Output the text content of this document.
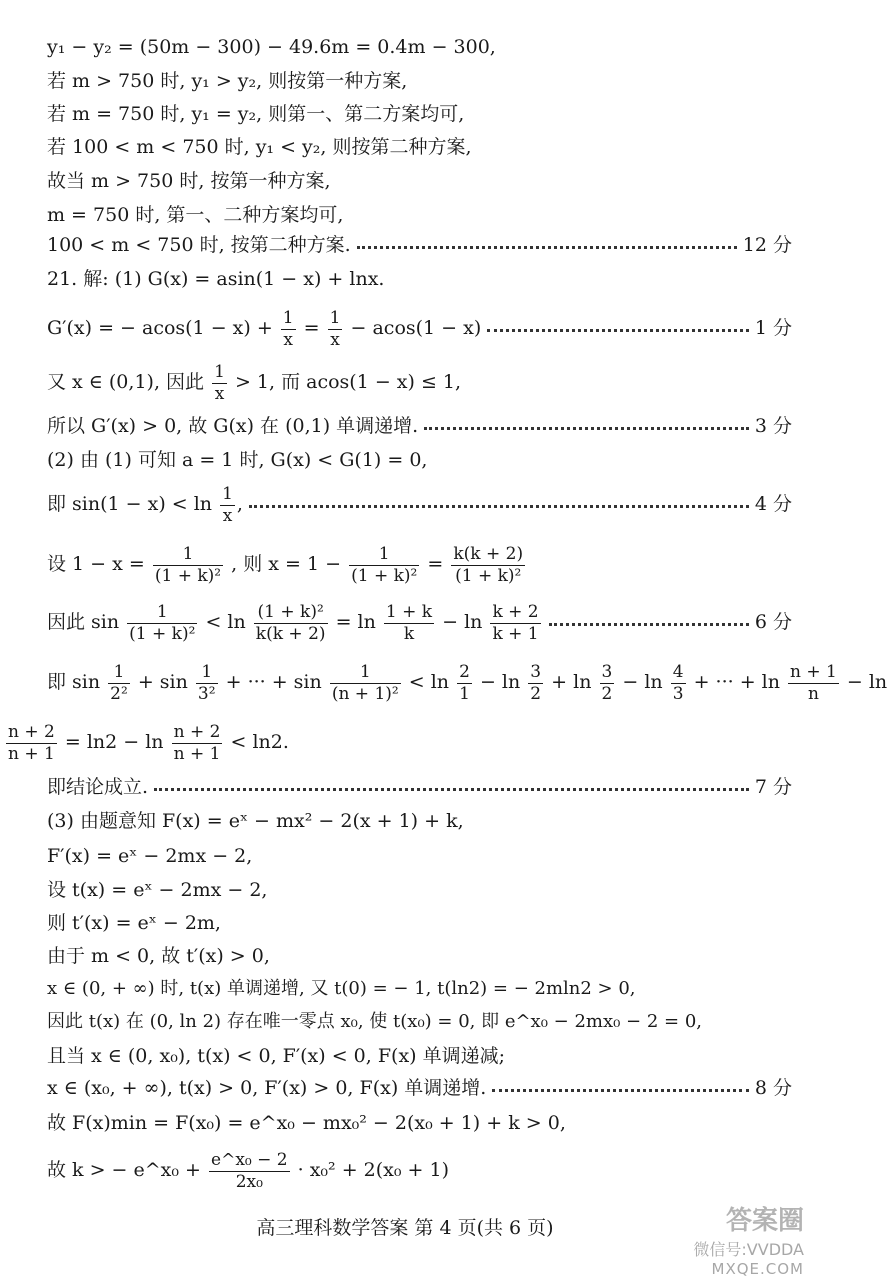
y₁ − y₂ = (50m − 300) − 49.6m = 0.4m − 300,
若 m > 750 时, y₁ > y₂, 则按第一种方案,
若 m = 750 时, y₁ = y₂, 则第一、第二方案均可,
若 100 < m < 750 时, y₁ < y₂, 则按第二种方案,
故当 m > 750 时, 按第一种方案,
m = 750 时, 第一、二种方案均可,
100 < m < 750 时, 按第二种方案.	12 分
21. 解: (1) G(x) = asin(1 − x) + lnx.
G′(x) = − $acos(1 - x) + \frac{1}{x} = \frac{1}{x} - acos(1 - x)$	1 分
又 x ∈ (0,1), 因此 $\frac{1}{x} > 1$, 而 acos(1 − x) ≤ 1,
所以 G′(x) > 0, 故 G(x) 在 (0,1) 单调递增.	3 分
(2) 由 (1) 可知 a = 1 时, G(x) < G(1) = 0,
即 $\sin(1 - x) < \ln \frac{1}{x}$ ,	4 分
设 $1 - x = \frac{1}{\text{(1 + k)²}}$ , 则 $x = 1 - \frac{1}{\text{(1 + k)²}} = \frac{k(k + 2)}{\text{(1 + k)²}}$
因此 $\sin \frac{1}{\text{(1 + k)²}} < \ln \frac{\text{(1 + k)²}}{k(k + 2)} = \ln \frac{1 + k}{k} - \ln \frac{k + 2}{k + 1}$	6 分
即 $\sin \frac{1}{\text{2²}} + \sin \frac{1}{\text{3²}}$ + ··· + $\sin \frac{1}{\text{(n + 1)²}} < \ln \frac{2}{1} - \ln \frac{3}{2} + \ln \frac{3}{2} - \ln \frac{4}{3}$ + ··· + $\ln \frac{n + 1}{n} - \ln$
$\frac{n + 2}{n + 1} = \ln 2 - \ln \frac{n + 2}{n + 1} < \ln 2$.
即结论成立.	7 分
(3) 由题意知 F(x) = eˣ − mx² − 2(x + 1) + k,
F′(x) = eˣ − 2mx − 2,
设 t(x) = eˣ − 2mx − 2,
则 t′(x) = eˣ − 2m,
由于 m < 0, 故 t′(x) > 0,
x ∈ (0, + ∞) 时, t(x) 单调递增, 又 t(0) = − 1, t(ln2) = − 2mln2 > 0,
因此 t(x) 在 (0, ln 2) 存在唯一零点 x₀, 使 t(x₀) = 0, 即 e^x₀ − 2mx₀ − 2 = 0,
且当 x ∈ (0, x₀), t(x) < 0, F′(x) < 0, F(x) 单调递减;
x ∈ (x₀, + ∞), t(x) > 0, F′(x) > 0, F(x) 单调递增.	8 分
故 F(x)min = F(x₀) = e^x₀ − mx₀² − 2(x₀ + 1) + k > 0,
故 k > − e^x₀ + $\frac{\text{e\textasciicircum{}x₀ − 2}}{\text{2x₀}} \cdot x_0^2 + 2(x_0 + 1)$
高三理科数学答案 第 4 页(共 6 页)	答案圈
微信号:VVDDA
MXQE.COM
